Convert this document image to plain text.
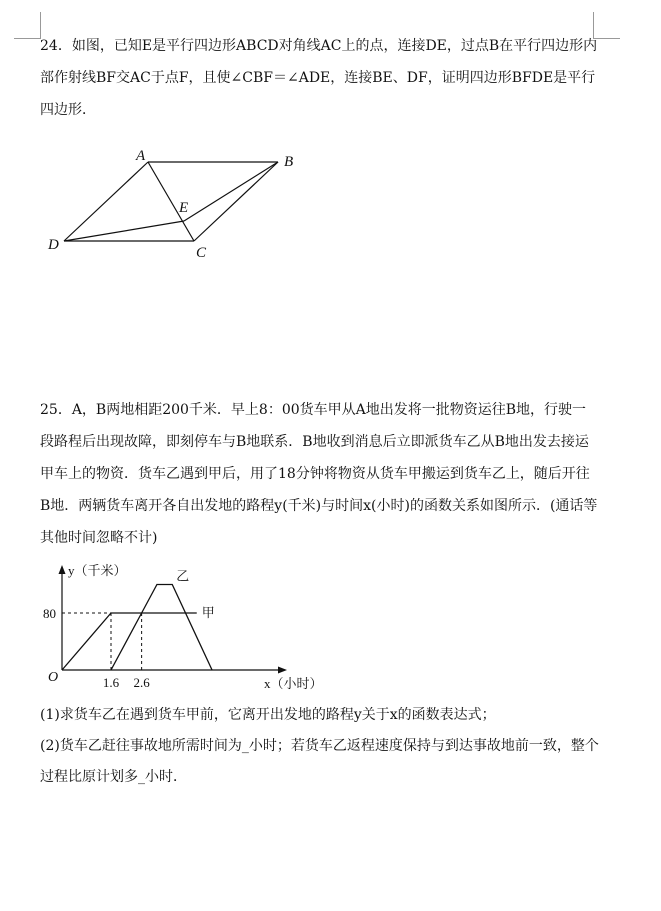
24．如图，已知E是平行四边形ABCD对角线AC上的点，连接DE，过点B在平行四边形内部作射线BF交AC于点F，且使∠CBF＝∠ADE，连接BE、DF，证明四边形BFDE是平行四边形．

A	B
C
D
E

25．A，B两地相距200千米．早上8：00货车甲从A地出发将一批物资运往B地，行驶一段路程后出现故障，即刻停车与B地联系．B地收到消息后立即派货车乙从B地出发去接运甲车上的物资．货车乙遇到甲后，用了18分钟将物资从货车甲搬运到货车乙上，随后开往B地．两辆货车离开各自出发地的路程y(千米)与时间x(小时)的函数关系如图所示．(通话等其他时间忽略不计)

甲
乙
y（千米）
x（小时）
O
80
1.6 2.6

(1)求货车乙在遇到货车甲前，它离开出发地的路程y关于x的函数表达式；

(2)货车乙赶往事故地所需时间为_小时；若货车乙返程速度保持与到达事故地前一致，整个过程比原计划多_小时．
